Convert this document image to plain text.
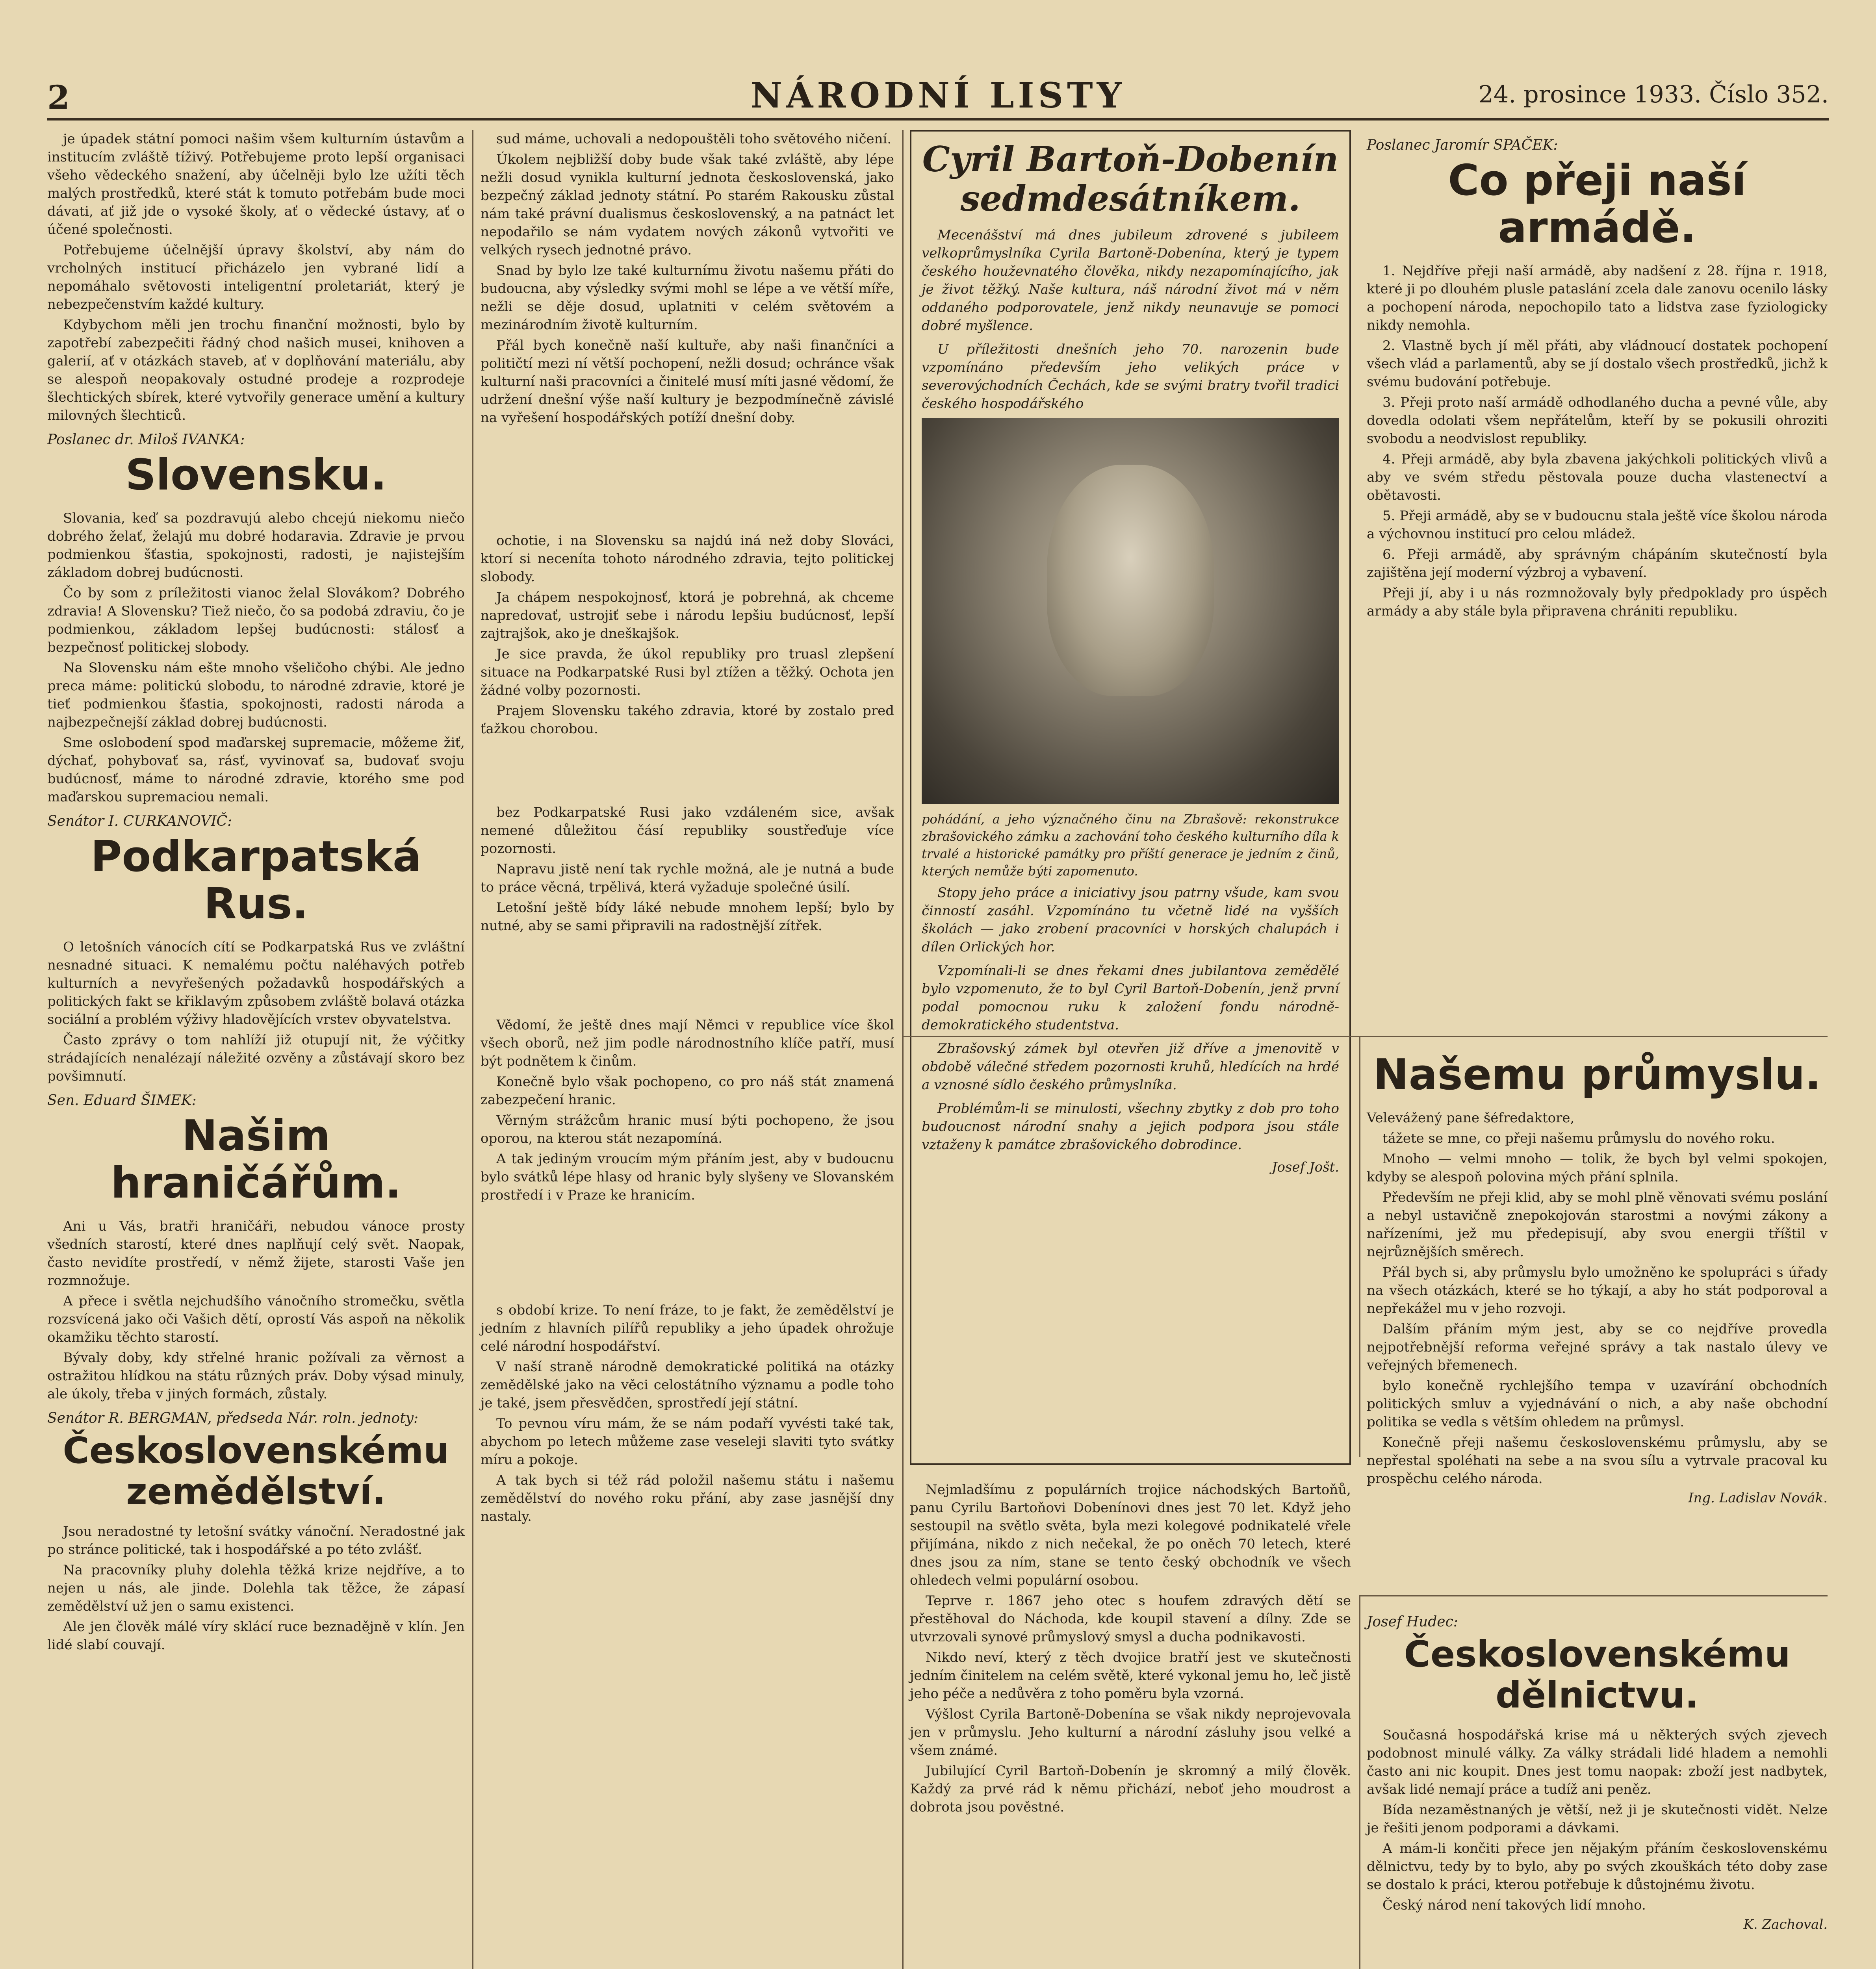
2	NÁRODNÍ LISTY	24. prosince 1933. Číslo 352.

je úpadek státní pomoci našim všem kulturním ústavům a institucím zvláště tíživý. Potřebujeme proto lepší organisaci všeho vědeckého snažení, aby účelněji bylo lze užíti těch malých prostředků, které stát k tomuto potřebám bude moci dávati, ať již jde o vysoké školy, ať o vědecké ústavy, ať o účené společnosti.

Potřebujeme účelnější úpravy školství, aby nám do vrcholných institucí přicházelo jen vybrané lidí a nepomáhalo světovosti inteligentní proletariát, který je nebezpečenstvím každé kultury.

Kdybychom měli jen trochu finanční možnosti, bylo by zapotřebí zabezpečiti řádný chod našich musei, knihoven a galerií, ať v otázkách staveb, ať v doplňování materiálu, aby se alespoň neopakovaly ostudné prodeje a rozprodeje šlechtických sbírek, které vytvořily generace umění a kultury milovných šlechticů.

Poslanec dr. Miloš IVANKA:
Slovensku.

Slovania, keď sa pozdravujú alebo chcejú niekomu niečo dobrého želať, želajú mu dobré hodaravia. Zdravie je prvou podmienkou šťastia, spokojnosti, radosti, je najistejším základom dobrej budúcnosti.

Čo by som z príležitosti vianoc želal Slovákom? Dobrého zdravia! A Slovensku? Tiež niečo, čo sa podobá zdraviu, čo je podmienkou, základom lepšej budúcnosti: stálosť a bezpečnosť politickej slobody.

Na Slovensku nám ešte mnoho všeličoho chýbi. Ale jedno preca máme: politickú slobodu, to národné zdravie, ktoré je tieť podmienkou šťastia, spokojnosti, radosti národa a najbezpečnejší základ dobrej budúcnosti.

Sme oslobodení spod maďarskej supremacie, môžeme žiť, dýchať, pohybovať sa, rásť, vyvinovať sa, budovať svoju budúcnosť, máme to národné zdravie, ktorého sme pod maďarskou supremaciou nemali.

Senátor I. CURKANOVIČ:
Podkarpatská Rus.

O letošních vánocích cítí se Podkarpatská Rus ve zvláštní nesnadné situaci. K nemalému počtu naléhavých potřeb kulturních a nevyřešených požadavků hospodářských a politických fakt se křiklavým způsobem zvláště bolavá otázka sociální a problém výživy hladovějících vrstev obyvatelstva.

Často zprávy o tom nahlíží již otupují nit, že výčitky strádajících nenalézají náležité ozvěny a zůstávají skoro bez povšimnutí.

Sen. Eduard ŠIMEK:
Našim hraničářům.

Ani u Vás, bratři hraničáři, nebudou vánoce prosty všedních starostí, které dnes naplňují celý svět. Naopak, často nevidíte prostředí, v němž žijete, starosti Vaše jen rozmnožuje.

A přece i světla nejchudšího vánočního stromečku, světla rozsvícená jako oči Vašich dětí, oprostí Vás aspoň na několik okamžiku těchto starostí.

Bývaly doby, kdy střelné hranic požívali za věrnost a ostražitou hlídkou na státu různých práv. Doby výsad minuly, ale úkoly, třeba v jiných formách, zůstaly.

Senátor R. BERGMAN, předseda Nár. roln. jednoty:
Československému zemědělství.

Jsou neradostné ty letošní svátky vánoční. Neradostné jak po stránce politické, tak i hospodářské a po této zvlášť.

Na pracovníky pluhy dolehla těžká krize nejdříve, a to nejen u nás, ale jinde. Dolehla tak těžce, že zápasí zemědělství už jen o samu existenci.

Ale jen člověk málé víry sklácí ruce beznadějně v klín. Jen lidé slabí couvají.

sud máme, uchovali a nedopouštěli toho světového ničení.

Úkolem nejbližší doby bude však také zvláště, aby lépe nežli dosud vynikla kulturní jednota československá, jako bezpečný základ jednoty státní. Po starém Rakousku zůstal nám také právní dualismus československý, a na patnáct let nepodařilo se nám vydatem nových zákonů vytvořiti ve velkých rysech jednotné právo.

Snad by bylo lze také kulturnímu životu našemu přáti do budoucna, aby výsledky svými mohl se lépe a ve větší míře, nežli se děje dosud, uplatniti v celém světovém a mezinárodním životě kulturním.

Přál bych konečně naší kultuře, aby naši finančníci a političtí mezi ní větší pochopení, nežli dosud; ochránce však kulturní naši pracovníci a činitelé musí míti jasné vědomí, že udržení dnešní výše naší kultury je bezpodmínečně závislé na vyřešení hospodářských potíží dnešní doby.

ochotie, i na Slovensku sa najdú iná než doby Slováci, ktorí si neceníta tohoto národného zdravia, tejto politickej slobody.

Ja chápem nespokojnosť, ktorá je pobrehná, ak chceme napredovať, ustrojiť sebe i národu lepšiu budúcnosť, lepší zajtrajšok, ako je dneškajšok.

Je sice pravda, že úkol republiky pro truasl zlepšení situace na Podkarpatské Rusi byl ztížen a těžký. Ochota jen žádné volby pozornosti.

Prajem Slovensku takého zdravia, ktoré by zostalo pred ťažkou chorobou.

bez Podkarpatské Rusi jako vzdáleném sice, avšak nemené důležitou čásí republiky soustřeďuje více pozornosti.

Napravu jistě není tak rychle možná, ale je nutná a bude to práce věcná, trpělivá, která vyžaduje společné úsilí.

Letošní ještě bídy láké nebude mnohem lepší; bylo by nutné, aby se sami připravili na radostnější zítřek.

Vědomí, že ještě dnes mají Němci v republice více škol všech oborů, než jim podle národnostního klíče patří, musí být podnětem k činům.

Konečně bylo však pochopeno, co pro náš stát znamená zabezpečení hranic.

Věrným strážcům hranic musí býti pochopeno, že jsou oporou, na kterou stát nezapomíná.

A tak jediným vroucím mým přáním jest, aby v budoucnu bylo svátků lépe hlasy od hranic byly slyšeny ve Slovanském prostředí i v Praze ke hranicím.

s období krize. To není fráze, to je fakt, že zemědělství je jedním z hlavních pilířů republiky a jeho úpadek ohrožuje celé národní hospodářství.

V naší straně národně demokratické politiká na otázky zemědělské jako na věci celostátního významu a podle toho je také, jsem přesvědčen, sprostředí její státní.

To pevnou víru mám, že se nám podaří vyvésti také tak, abychom po letech můžeme zase veseleji slaviti tyto svátky míru a pokoje.

A tak bych si též rád položil našemu státu i našemu zemědělství do nového roku přání, aby zase jasnější dny nastaly.

Cyril Bartoň-Dobenín sedmdesátníkem.

Mecenášství má dnes jubileum zdrovené s jubileem velkoprůmyslníka Cyrila Bartoně-Dobenína, který je typem českého houževnatého člověka, nikdy nezapomínajícího, jak je život těžký. Naše kultura, náš národní život má v něm oddaného podporovatele, jenž nikdy neunavuje se pomoci dobré myšlence.

U příležitosti dnešních jeho 70. narozenin bude vzpomínáno především jeho velikých práce v severovýchodních Čechách, kde se svými bratry tvořil tradici českého hospodářského

pohádání, a jeho význačného činu na Zbrašově: rekonstrukce zbrašovického zámku a zachování toho českého kulturního díla k trvalé a historické památky pro příští generace je jedním z činů, kterých nemůže býti zapomenuto.

Stopy jeho práce a iniciativy jsou patrny všude, kam svou činností zasáhl. Vzpomínáno tu včetně lidé na vyšších školách — jako zrobení pracovníci v horských chalupách i dílen Orlických hor.

Vzpomínali-li se dnes řekami dnes jubilantova zemědělé bylo vzpomenuto, že to byl Cyril Bartoň-Dobenín, jenž první podal pomocnou ruku k založení fondu národně-demokratického studentstva.

Zbrašovský zámek byl otevřen již dříve a jmenovitě v obdobě válečné středem pozornosti kruhů, hledících na hrdé a vznosné sídlo českého průmyslníka.

Problémům-li se minulosti, všechny zbytky z dob pro toho budoucnost národní snahy a jejich podpora jsou stále vztaženy k památce zbrašovického dobrodince.

Josef Jošt.

Nejmladšímu z populárních trojice náchodských Bartoňů, panu Cyrilu Bartoňovi Dobenínovi dnes jest 70 let. Když jeho sestoupil na světlo světa, byla mezi kolegové podnikatelé vřele přijímána, nikdo z nich nečekal, že po oněch 70 letech, které dnes jsou za ním, stane se tento český obchodník ve všech ohledech velmi populární osobou.

Teprve r. 1867 jeho otec s houfem zdravých dětí se přestěhoval do Náchoda, kde koupil stavení a dílny. Zde se utvrzovali synové průmyslový smysl a ducha podnikavosti.

Nikdo neví, který z těch dvojice bratří jest ve skutečnosti jedním činitelem na celém světě, které vykonal jemu ho, leč jistě jeho péče a nedůvěra z toho poměru byla vzorná.

Výšlost Cyrila Bartoně-Dobenína se však nikdy neprojevovala jen v průmyslu. Jeho kulturní a národní zásluhy jsou velké a všem známé.

Jubilující Cyril Bartoň-Dobenín je skromný a milý člověk. Každý za prvé rád k němu přichází, neboť jeho moudrost a dobrota jsou pověstné.

Poslanec Jaromír SPAČEK:
Co přeji naší armádě.

1. Nejdříve přeji naší armádě, aby nadšení z 28. října r. 1918, které ji po dlouhém plusle pataslání zcela dale zanovu ocenilo lásky a pochopení národa, nepochopilo tato a lidstva zase fyziologicky nikdy nemohla.

2. Vlastně bych jí měl přáti, aby vládnoucí dostatek pochopení všech vlád a parlamentů, aby se jí dostalo všech prostředků, jichž k svému budování potřebuje.

3. Přeji proto naší armádě odhodlaného ducha a pevné vůle, aby dovedla odolati všem nepřátelům, kteří by se pokusili ohroziti svobodu a neodvislost republiky.

4. Přeji armádě, aby byla zbavena jakýchkoli politických vlivů a aby ve svém středu pěstovala pouze ducha vlastenectví a obětavosti.

5. Přeji armádě, aby se v budoucnu stala ještě více školou národa a výchovnou institucí pro celou mládež.

6. Přeji armádě, aby správným chápáním skutečností byla zajištěna její moderní výzbroj a vybavení.

Přeji jí, aby i u nás rozmnožovaly byly předpoklady pro úspěch armády a aby stále byla připravena chrániti republiku.

Našemu průmyslu.

Velevážený pane šéfredaktore,

tážete se mne, co přeji našemu průmyslu do nového roku.

Mnoho — velmi mnoho — tolik, že bych byl velmi spokojen, kdyby se alespoň polovina mých přání splnila.

Především ne přeji klid, aby se mohl plně věnovati svému poslání a nebyl ustavičně znepokojován starostmi a novými zákony a nařízeními, jež mu předepisují, aby svou energii tříštil v nejrůznějších směrech.

Přál bych si, aby průmyslu bylo umožněno ke spolupráci s úřady na všech otázkách, které se ho týkají, a aby ho stát podporoval a nepřekážel mu v jeho rozvoji.

Dalším přáním mým jest, aby se co nejdříve provedla nejpotřebnější reforma veřejné správy a tak nastalo úlevy ve veřejných břemenech.

bylo konečně rychlejšího tempa v uzavírání obchodních politických smluv a vyjednávání o nich, a aby naše obchodní politika se vedla s větším ohledem na průmysl.

Konečně přeji našemu československému průmyslu, aby se nepřestal spoléhati na sebe a na svou sílu a vytrvale pracoval ku prospěchu celého národa.

Ing. Ladislav Novák.
Josef Hudec:
Československému dělnictvu.

Současná hospodářská krise má u některých svých zjevech podobnost minulé války. Za války strádali lidé hladem a nemohli často ani nic koupit. Dnes jest tomu naopak: zboží jest nadbytek, avšak lidé nemají práce a tudíž ani peněz.

Bída nezaměstnaných je větší, než ji je skutečnosti vidět. Nelze je řešiti jenom podporami a dávkami.

A mám-li končiti přece jen nějakým přáním československému dělnictvu, tedy by to bylo, aby po svých zkouškách této doby zase se dostalo k práci, kterou potřebuje k důstojnému životu.

Český národ není takových lidí mnoho.

K. Zachoval.
